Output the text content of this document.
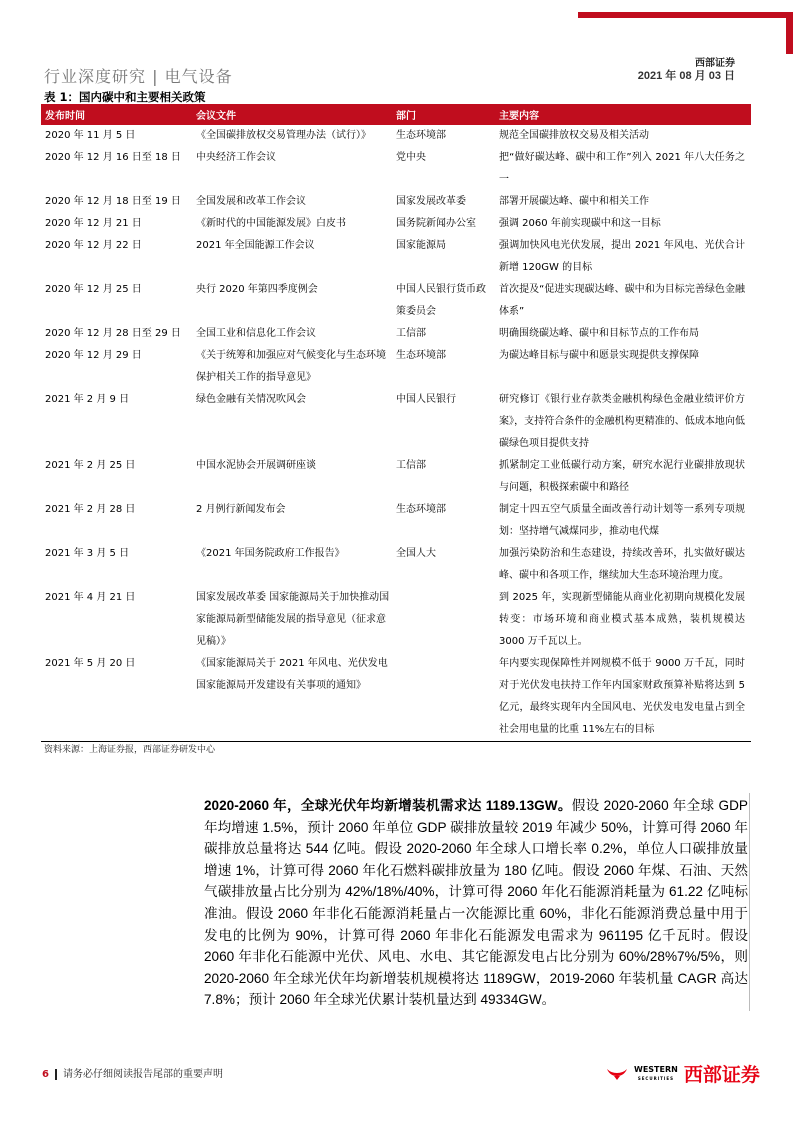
西部证券
2021 年 08 月 03 日
行业深度研究 | 电气设备
表 1：国内碳中和主要相关政策
发布时间	会议文件	部门	主要内容
2020 年 11 月 5 日	《全国碳排放权交易管理办法（试行）》	生态环境部	规范全国碳排放权交易及相关活动
2020 年 12 月 16 日至 18 日	中央经济工作会议	党中央	把“做好碳达峰、碳中和工作”列入 2021 年八大任务之一
2020 年 12 月 18 日至 19 日	全国发展和改革工作会议	国家发展改革委	部署开展碳达峰、碳中和相关工作
2020 年 12 月 21 日	《新时代的中国能源发展》白皮书	国务院新闻办公室	强调 2060 年前实现碳中和这一目标
2020 年 12 月 22 日	2021 年全国能源工作会议	国家能源局	强调加快风电光伏发展，提出 2021 年风电、光伏合计新增 120GW 的目标
2020 年 12 月 25 日	央行 2020 年第四季度例会	中国人民银行货币政策委员会	首次提及“促进实现碳达峰、碳中和为目标完善绿色金融体系”
2020 年 12 月 28 日至 29 日	全国工业和信息化工作会议	工信部	明确围绕碳达峰、碳中和目标节点的工作布局
2020 年 12 月 29 日	《关于统筹和加强应对气候变化与生态环境保护相关工作的指导意见》	生态环境部	为碳达峰目标与碳中和愿景实现提供支撑保障
2021 年 2 月 9 日	绿色金融有关情况吹风会	中国人民银行	研究修订《银行业存款类金融机构绿色金融业绩评价方案》，支持符合条件的金融机构更精准的、低成本地向低碳绿色项目提供支持
2021 年 2 月 25 日	中国水泥协会开展调研座谈	工信部	抓紧制定工业低碳行动方案，研究水泥行业碳排放现状与问题，积极探索碳中和路径
2021 年 2 月 28 日	2 月例行新闻发布会	生态环境部	制定十四五空气质量全面改善行动计划等一系列专项规划：坚持增气减煤同步，推动电代煤
2021 年 3 月 5 日	《2021 年国务院政府工作报告》	全国人大	加强污染防治和生态建设，持续改善环，扎实做好碳达峰、碳中和各项工作，继续加大生态环境治理力度。
2021 年 4 月 21 日	国家发展改革委 国家能源局关于加快推动国家能源局新型储能发展的指导意见（征求意见稿）》		到 2025 年，实现新型储能从商业化初期向规模化发展转变：市场环境和商业模式基本成熟，装机规模达 3000 万千瓦以上。
2021 年 5 月 20 日	《国家能源局关于 2021 年风电、光伏发电国家能源局开发建设有关事项的通知》		年内要实现保障性并网规模不低于 9000 万千瓦，同时对于光伏发电扶持工作年内国家财政预算补贴将达到 5 亿元，最终实现年内全国风电、光伏发电发电量占到全社会用电量的比重 11%左右的目标
资料来源：上海证券报，西部证券研发中心
2020-2060 年，全球光伏年均新增装机需求达 1189.13GW。假设 2020-2060 年全球 GDP 年均增速 1.5%，预计 2060 年单位 GDP 碳排放量较 2019 年减少 50%，计算可得 2060 年碳排放总量将达 544 亿吨。假设 2020-2060 年全球人口增长率 0.2%，单位人口碳排放量增速 1%，计算可得 2060 年化石燃料碳排放量为 180 亿吨。假设 2060 年煤、石油、天然气碳排放量占比分别为 42%/18%/40%，计算可得 2060 年化石能源消耗量为 61.22 亿吨标准油。假设 2060 年非化石能源消耗量占一次能源比重 60%，非化石能源消费总量中用于发电的比例为 90%，计算可得 2060 年非化石能源发电需求为 961195 亿千瓦时。假设 2060 年非化石能源中光伏、风电、水电、其它能源发电占比分别为 60%/28%7%/5%，则 2020-2060 年全球光伏年均新增装机规模将达 1189GW，2019-2060 年装机量 CAGR 高达 7.8%；预计 2060 年全球光伏累计装机量达到 49334GW。
6 请务必仔细阅读报告尾部的重要声明	WESTERN
SECURITIES 西部证券
